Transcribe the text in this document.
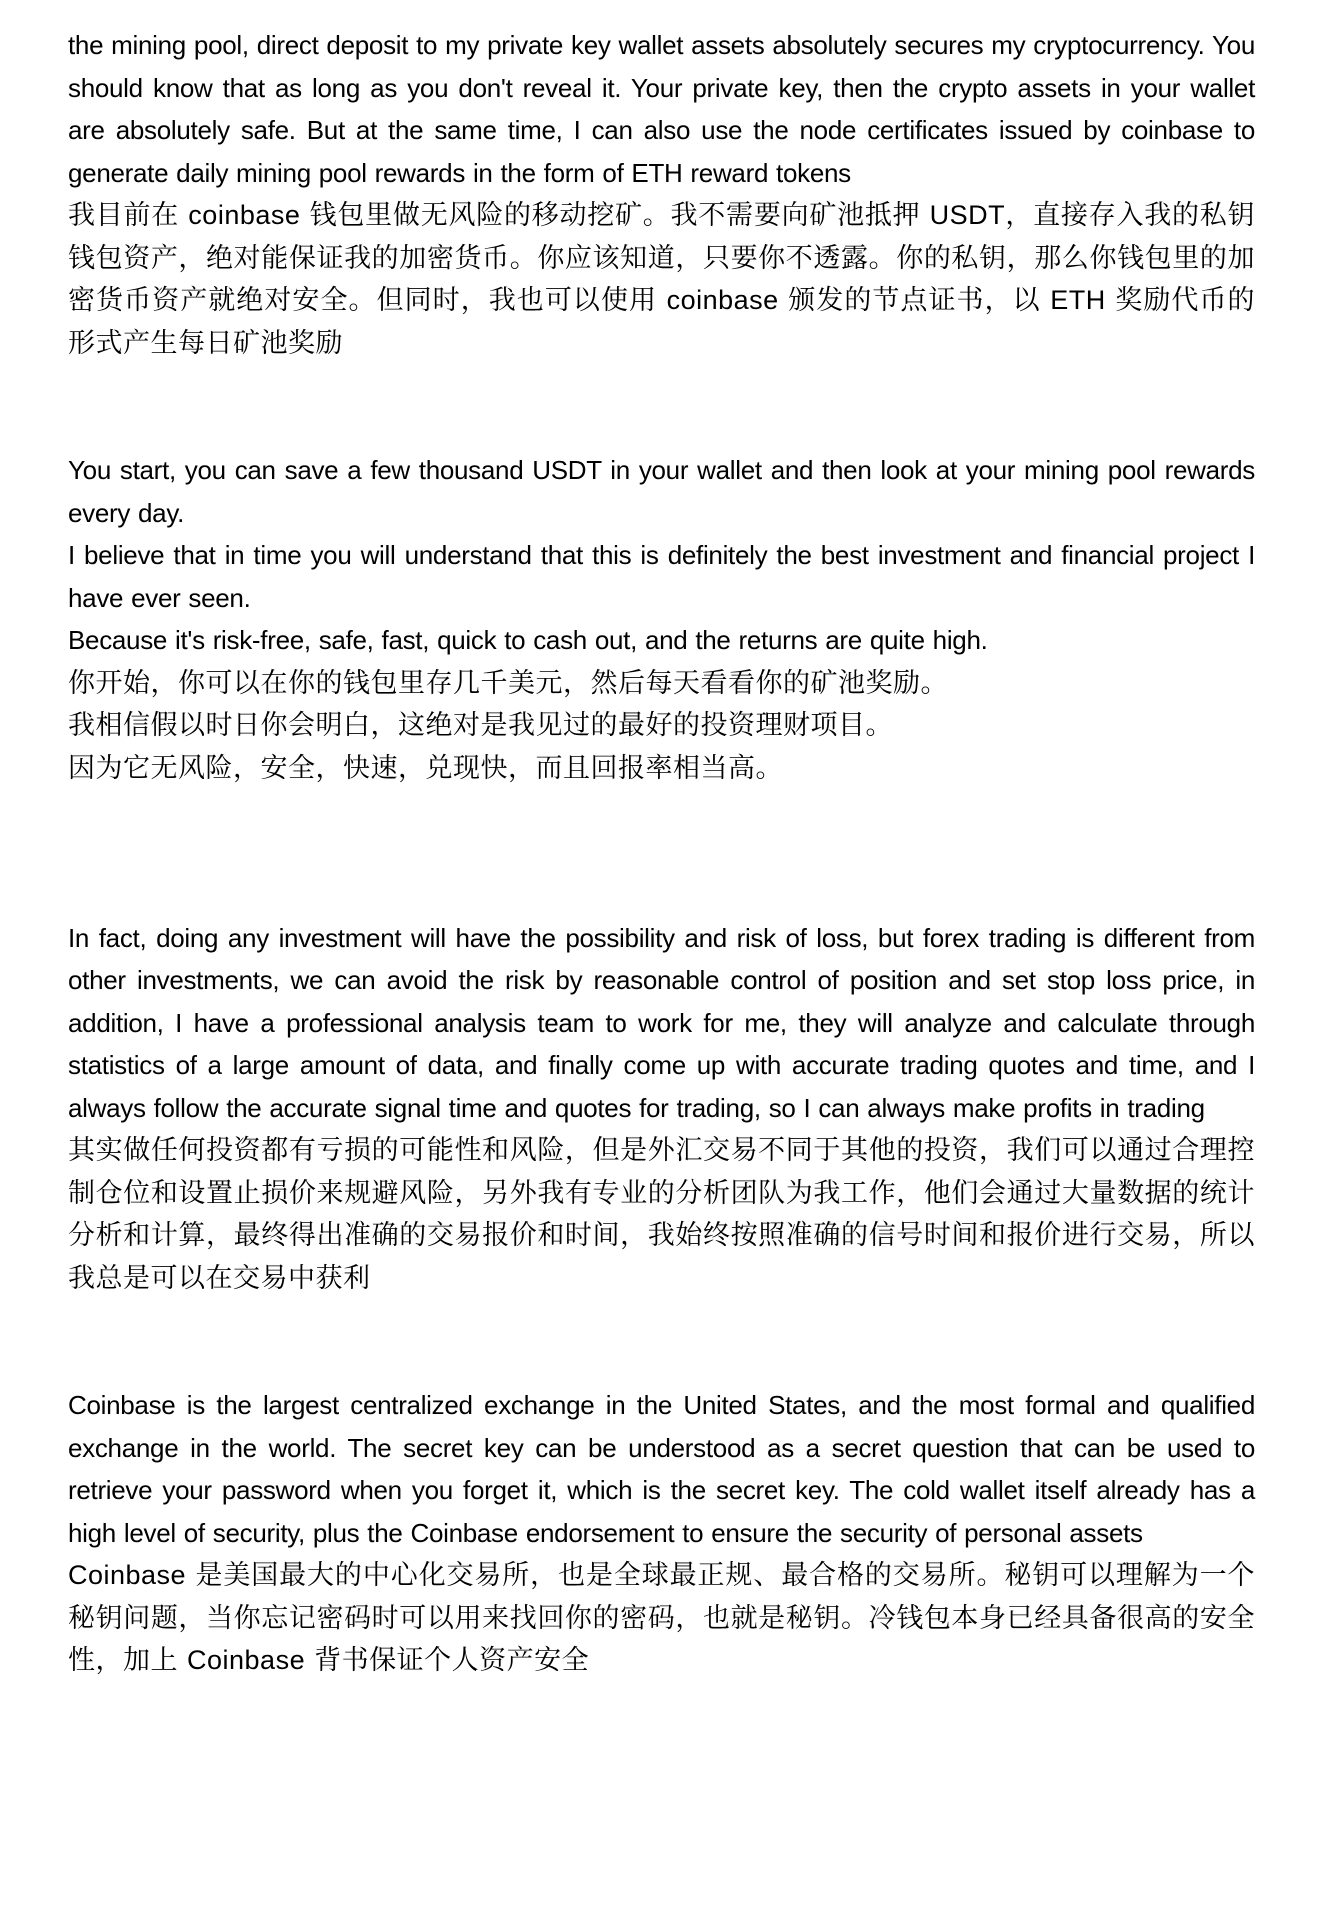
the mining pool, direct deposit to my private key wallet assets absolutely secures my cryptocurrency. You should know that as long as you don't reveal it. Your private key, then the crypto assets in your wallet are absolutely safe. But at the same time, I can also use the node certificates issued by coinbase to generate daily mining pool rewards in the form of ETH reward tokens

我目前在 coinbase 钱包里做无风险的移动挖矿。我不需要向矿池抵押 USDT，直接存入我的私钥钱包资产，绝对能保证我的加密货币。你应该知道，只要你不透露。你的私钥，那么你钱包里的加密货币资产就绝对安全。但同时，我也可以使用 coinbase 颁发的节点证书，以 ETH 奖励代币的形式产生每日矿池奖励

You start, you can save a few thousand USDT in your wallet and then look at your mining pool rewards every day.

I believe that in time you will understand that this is definitely the best investment and financial project I have ever seen.

Because it's risk-free, safe, fast, quick to cash out, and the returns are quite high.

你开始，你可以在你的钱包里存几千美元，然后每天看看你的矿池奖励。

我相信假以时日你会明白，这绝对是我见过的最好的投资理财项目。

因为它无风险，安全，快速，兑现快，而且回报率相当高。

In fact, doing any investment will have the possibility and risk of loss, but forex trading is different from other investments, we can avoid the risk by reasonable control of position and set stop loss price, in addition, I have a professional analysis team to work for me, they will analyze and calculate through statistics of a large amount of data, and finally come up with accurate trading quotes and time, and I always follow the accurate signal time and quotes for trading, so I can always make profits in trading

其实做任何投资都有亏损的可能性和风险，但是外汇交易不同于其他的投资，我们可以通过合理控制仓位和设置止损价来规避风险，另外我有专业的分析团队为我工作，他们会通过大量数据的统计分析和计算，最终得出准确的交易报价和时间，我始终按照准确的信号时间和报价进行交易，所以我总是可以在交易中获利

Coinbase is the largest centralized exchange in the United States, and the most formal and qualified exchange in the world. The secret key can be understood as a secret question that can be used to retrieve your password when you forget it, which is the secret key. The cold wallet itself already has a high level of security, plus the Coinbase endorsement to ensure the security of personal assets

Coinbase 是美国最大的中心化交易所，也是全球最正规、最合格的交易所。秘钥可以理解为一个秘钥问题，当你忘记密码时可以用来找回你的密码，也就是秘钥。冷钱包本身已经具备很高的安全性，加上 Coinbase 背书保证个人资产安全
